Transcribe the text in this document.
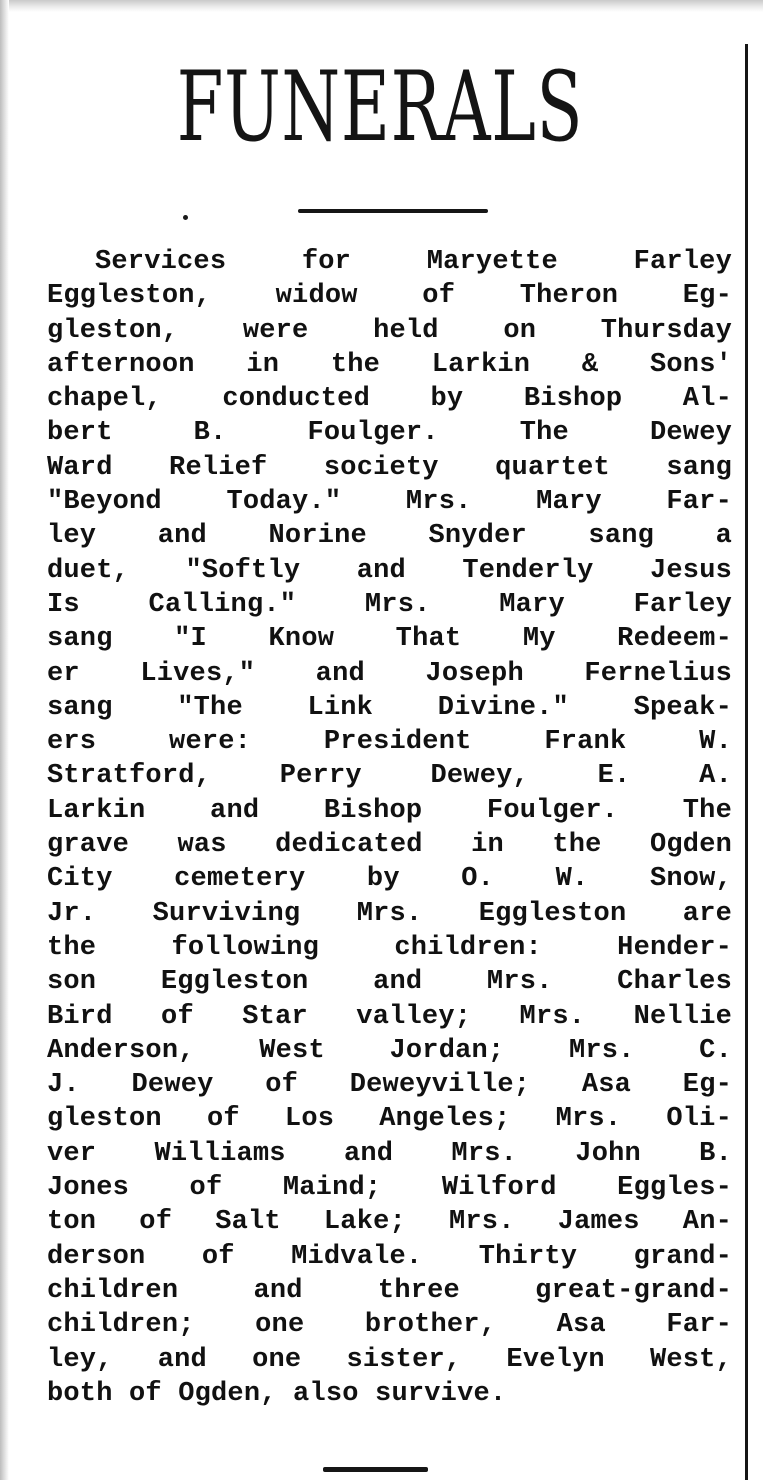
FUNERALS
Services for Maryette Farley
Eggleston, widow of Theron Eg-
gleston, were held on Thursday
afternoon in the Larkin & Sons'
chapel, conducted by Bishop Al-
bert B. Foulger. The Dewey
Ward Relief society quartet sang
"Beyond Today." Mrs. Mary Far-
ley and Norine Snyder sang a
duet, "Softly and Tenderly Jesus
Is Calling." Mrs. Mary Farley
sang "I Know That My Redeem-
er Lives," and Joseph Fernelius
sang "The Link Divine." Speak-
ers were: President Frank W.
Stratford, Perry Dewey, E. A.
Larkin and Bishop Foulger. The
grave was dedicated in the Ogden
City cemetery by O. W. Snow,
Jr. Surviving Mrs. Eggleston are
the following children: Hender-
son Eggleston and Mrs. Charles
Bird of Star valley; Mrs. Nellie
Anderson, West Jordan; Mrs. C.
J. Dewey of Deweyville; Asa Eg-
gleston of Los Angeles; Mrs. Oli-
ver Williams and Mrs. John B.
Jones of Maind; Wilford Eggles-
ton of Salt Lake; Mrs. James An-
derson of Midvale. Thirty grand-
children and three great-grand-
children; one brother, Asa Far-
ley, and one sister, Evelyn West,
both of Ogden, also survive.
